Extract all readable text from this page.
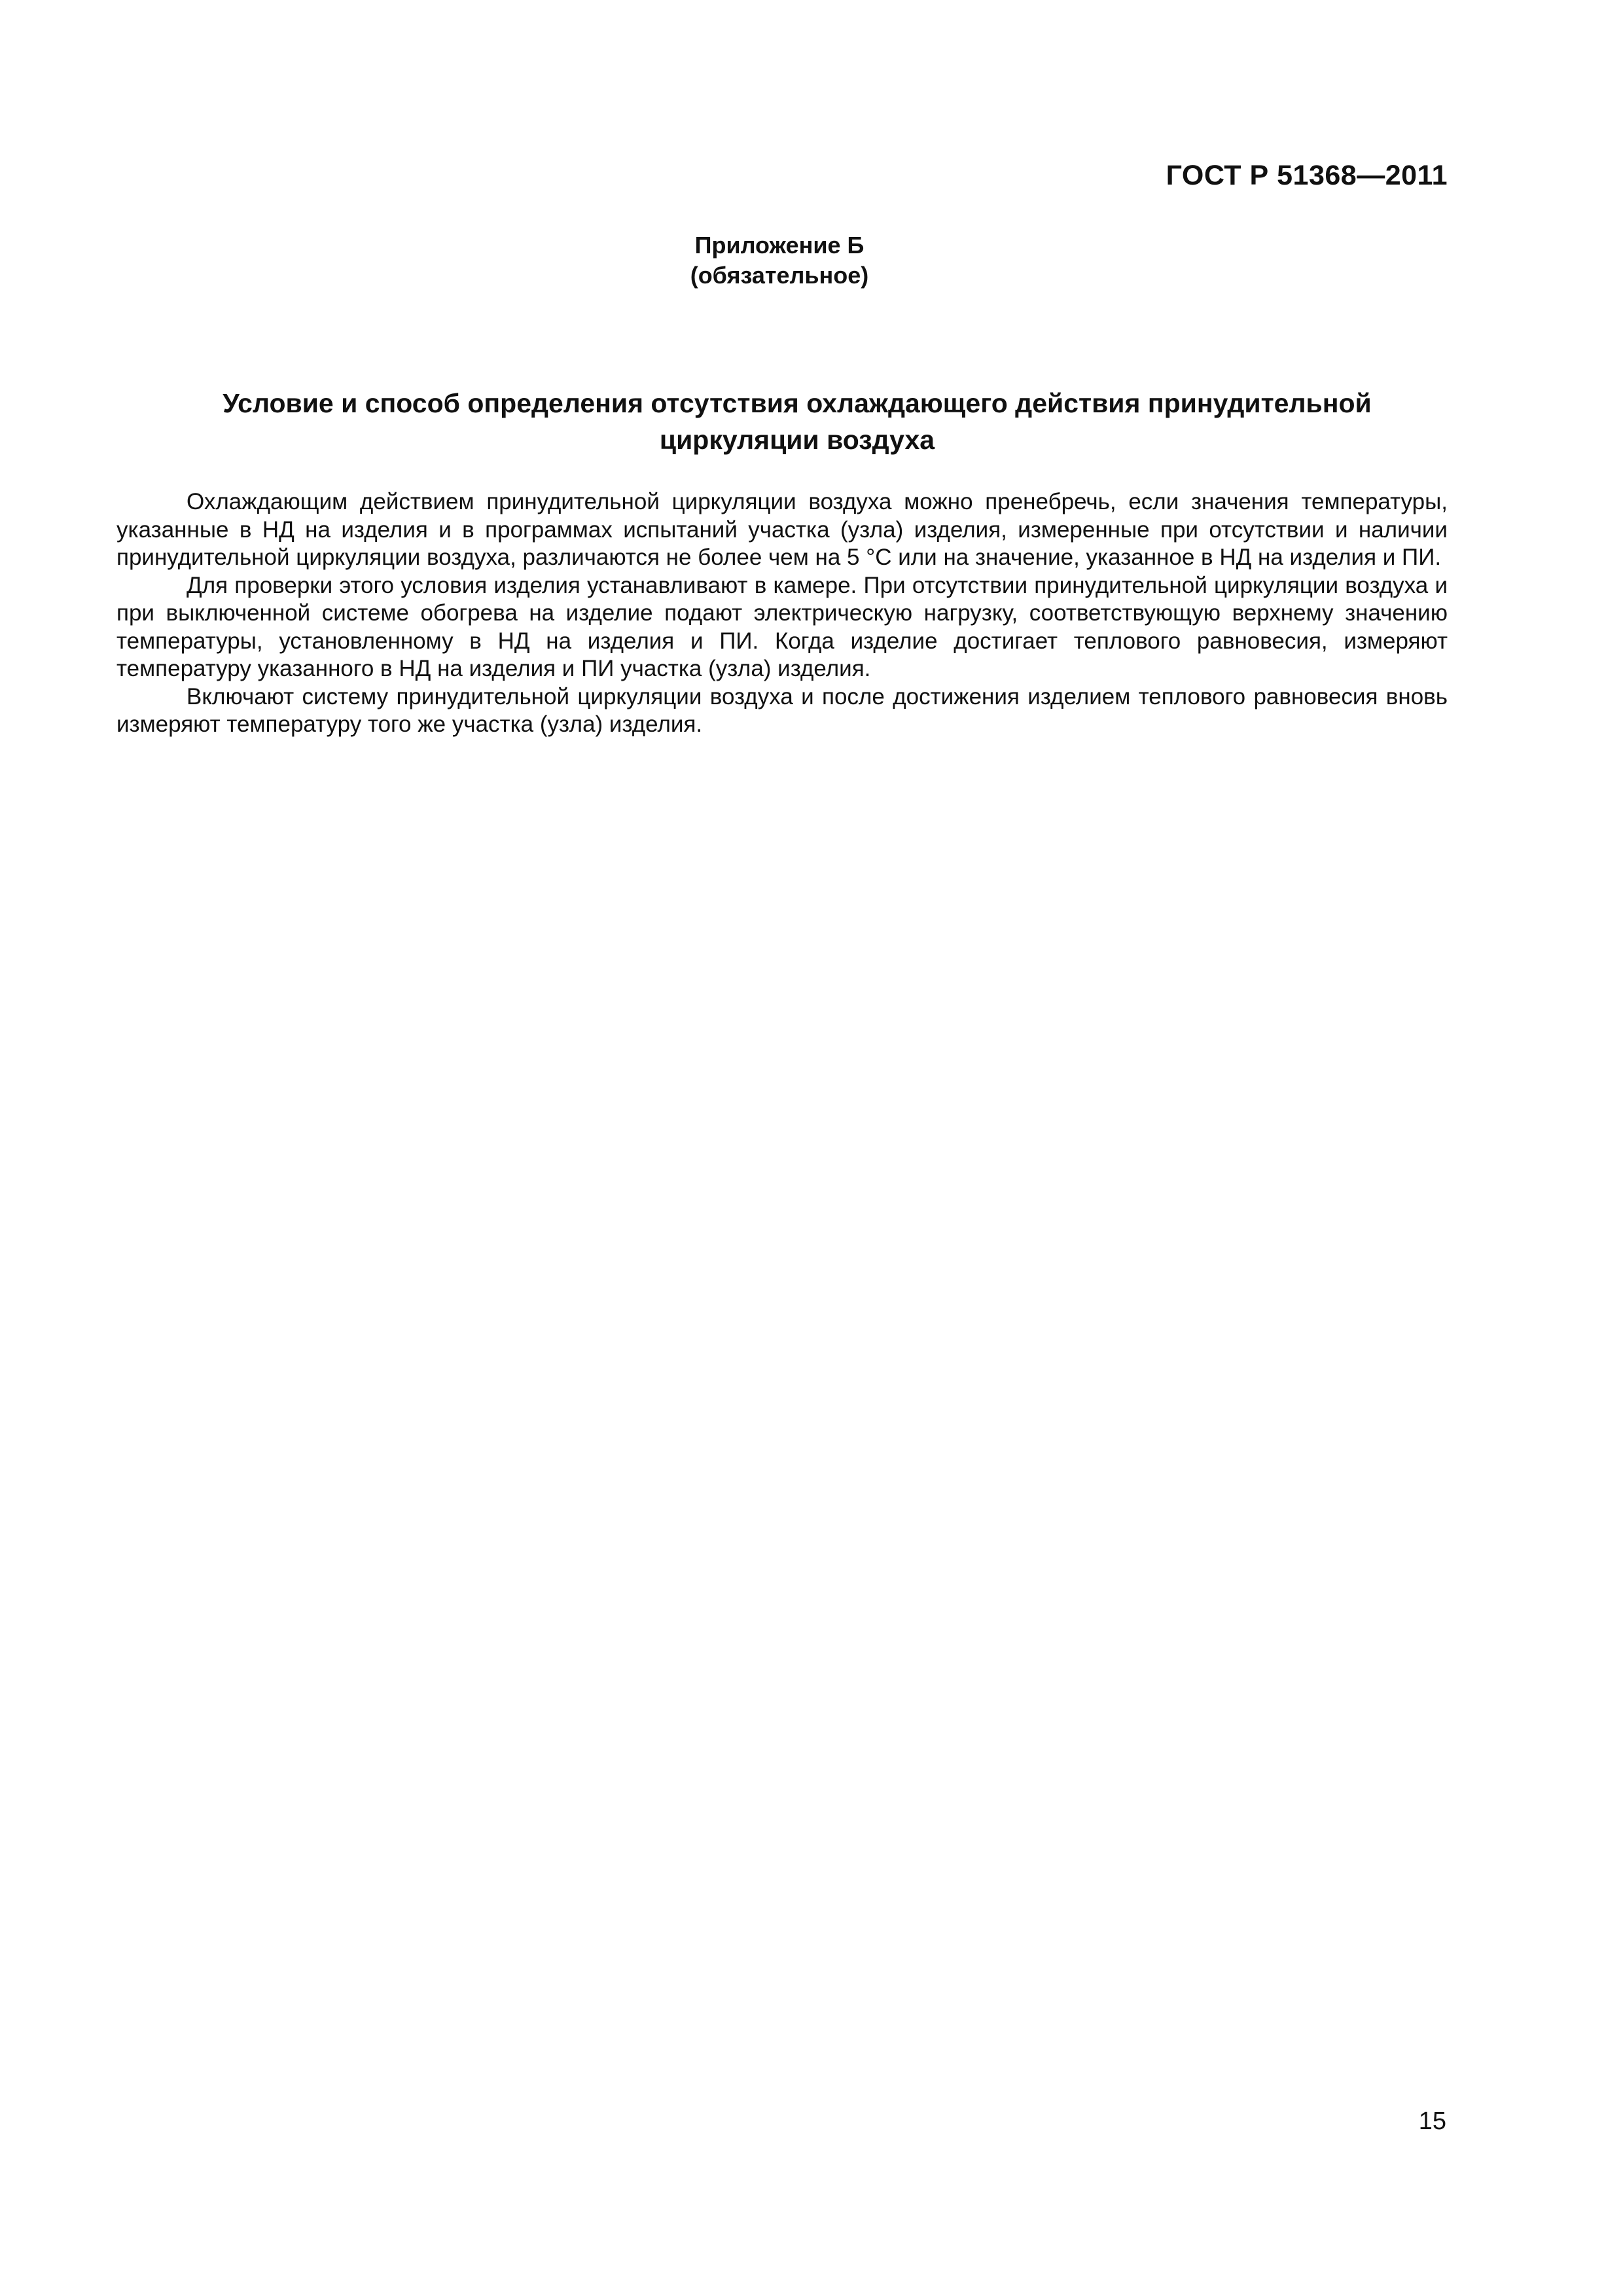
ГОСТ Р 51368—2011
Приложение Б
(обязательное)
Условие и способ определения отсутствия охлаждающего действия принудительной
циркуляции воздуха

Охлаждающим действием принудительной циркуляции воздуха можно пренебречь, если значения температуры, указанные в НД на изделия и в программах испытаний участка (узла) изделия, измеренные при отсутствии и наличии принудительной циркуляции воздуха, различаются не более чем на 5 °С или на значение, указанное в НД на изделия и ПИ.

Для проверки этого условия изделия устанавливают в камере. При отсутствии принудительной циркуляции воздуха и при выключенной системе обогрева на изделие подают электрическую нагрузку, соответствующую верхнему значению температуры, установленному в НД на изделия и ПИ. Когда изделие достигает теплового равновесия, измеряют температуру указанного в НД на изделия и ПИ участка (узла) изделия.

Включают систему принудительной циркуляции воздуха и после достижения изделием теплового равновесия вновь измеряют температуру того же участка (узла) изделия.

15
